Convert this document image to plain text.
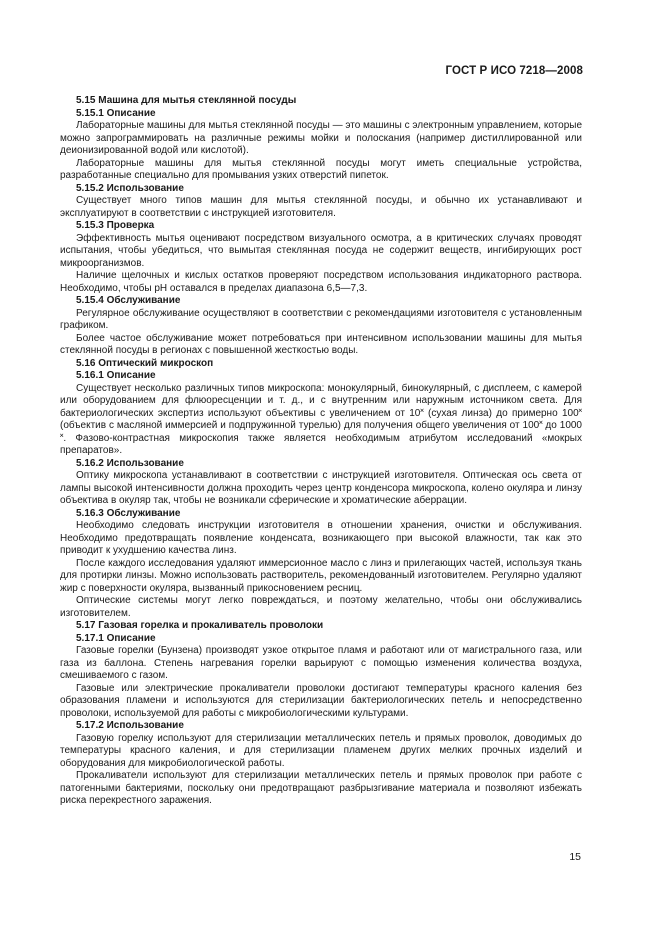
ГОСТ Р ИСО 7218—2008
5.15 Машина для мытья стеклянной посуды
5.15.1 Описание
Лабораторные машины для мытья стеклянной посуды — это машины с электронным управлением, которые можно запрограммировать на различные режимы мойки и полоскания (например дистиллированной или деионизированной водой или кислотой).
Лабораторные машины для мытья стеклянной посуды могут иметь специальные устройства, разработанные специально для промывания узких отверстий пипеток.
5.15.2 Использование
Существует много типов машин для мытья стеклянной посуды, и обычно их устанавливают и эксплуатируют в соответствии с инструкцией изготовителя.
5.15.3 Проверка
Эффективность мытья оценивают посредством визуального осмотра, а в критических случаях проводят испытания, чтобы убедиться, что вымытая стеклянная посуда не содержит веществ, ингибирующих рост микроорганизмов.
Наличие щелочных и кислых остатков проверяют посредством использования индикаторного раствора. Необходимо, чтобы pH оставался в пределах диапазона 6,5—7,3.
5.15.4 Обслуживание
Регулярное обслуживание осуществляют в соответствии с рекомендациями изготовителя с установленным графиком.
Более частое обслуживание может потребоваться при интенсивном использовании машины для мытья стеклянной посуды в регионах с повышенной жесткостью воды.
5.16 Оптический микроскоп
5.16.1 Описание
Существует несколько различных типов микроскопа: монокулярный, бинокулярный, с дисплеем, с камерой или оборудованием для флюоресценции и т. д., и с внутренним или наружным источником света. Для бактериологических экспертиз используют объективы с увеличением от 10˟ (сухая линза) до примерно 100˟ (объектив с масляной иммерсией и подпружинной турелью) для получения общего увеличения от 100˟ до 1000˟. Фазово-контрастная микроскопия также является необходимым атрибутом исследований «мокрых препаратов».
5.16.2 Использование
Оптику микроскопа устанавливают в соответствии с инструкцией изготовителя. Оптическая ось света от лампы высокой интенсивности должна проходить через центр конденсора микроскопа, колено окуляра и линзу объектива в окуляр так, чтобы не возникали сферические и хроматические аберрации.
5.16.3 Обслуживание
Необходимо следовать инструкции изготовителя в отношении хранения, очистки и обслуживания. Необходимо предотвращать появление конденсата, возникающего при высокой влажности, так как это приводит к ухудшению качества линз.
После каждого исследования удаляют иммерсионное масло с линз и прилегающих частей, используя ткань для протирки линзы. Можно использовать растворитель, рекомендованный изготовителем. Регулярно удаляют жир с поверхности окуляра, вызванный прикосновением ресниц.
Оптические системы могут легко повреждаться, и поэтому желательно, чтобы они обслуживались изготовителем.
5.17 Газовая горелка и прокаливатель проволоки
5.17.1 Описание
Газовые горелки (Бунзена) производят узкое открытое пламя и работают или от магистрального газа, или газа из баллона. Степень нагревания горелки варьируют с помощью изменения количества воздуха, смешиваемого с газом.
Газовые или электрические прокаливатели проволоки достигают температуры красного каления без образования пламени и используются для стерилизации бактериологических петель и непосредственно проволоки, используемой для работы с микробиологическими культурами.
5.17.2 Использование
Газовую горелку используют для стерилизации металлических петель и прямых проволок, доводимых до температуры красного каления, и для стерилизации пламенем других мелких прочных изделий и оборудования для микробиологической работы.
Прокаливатели используют для стерилизации металлических петель и прямых проволок при работе с патогенными бактериями, поскольку они предотвращают разбрызгивание материала и позволяют избежать риска перекрестного заражения.
15
